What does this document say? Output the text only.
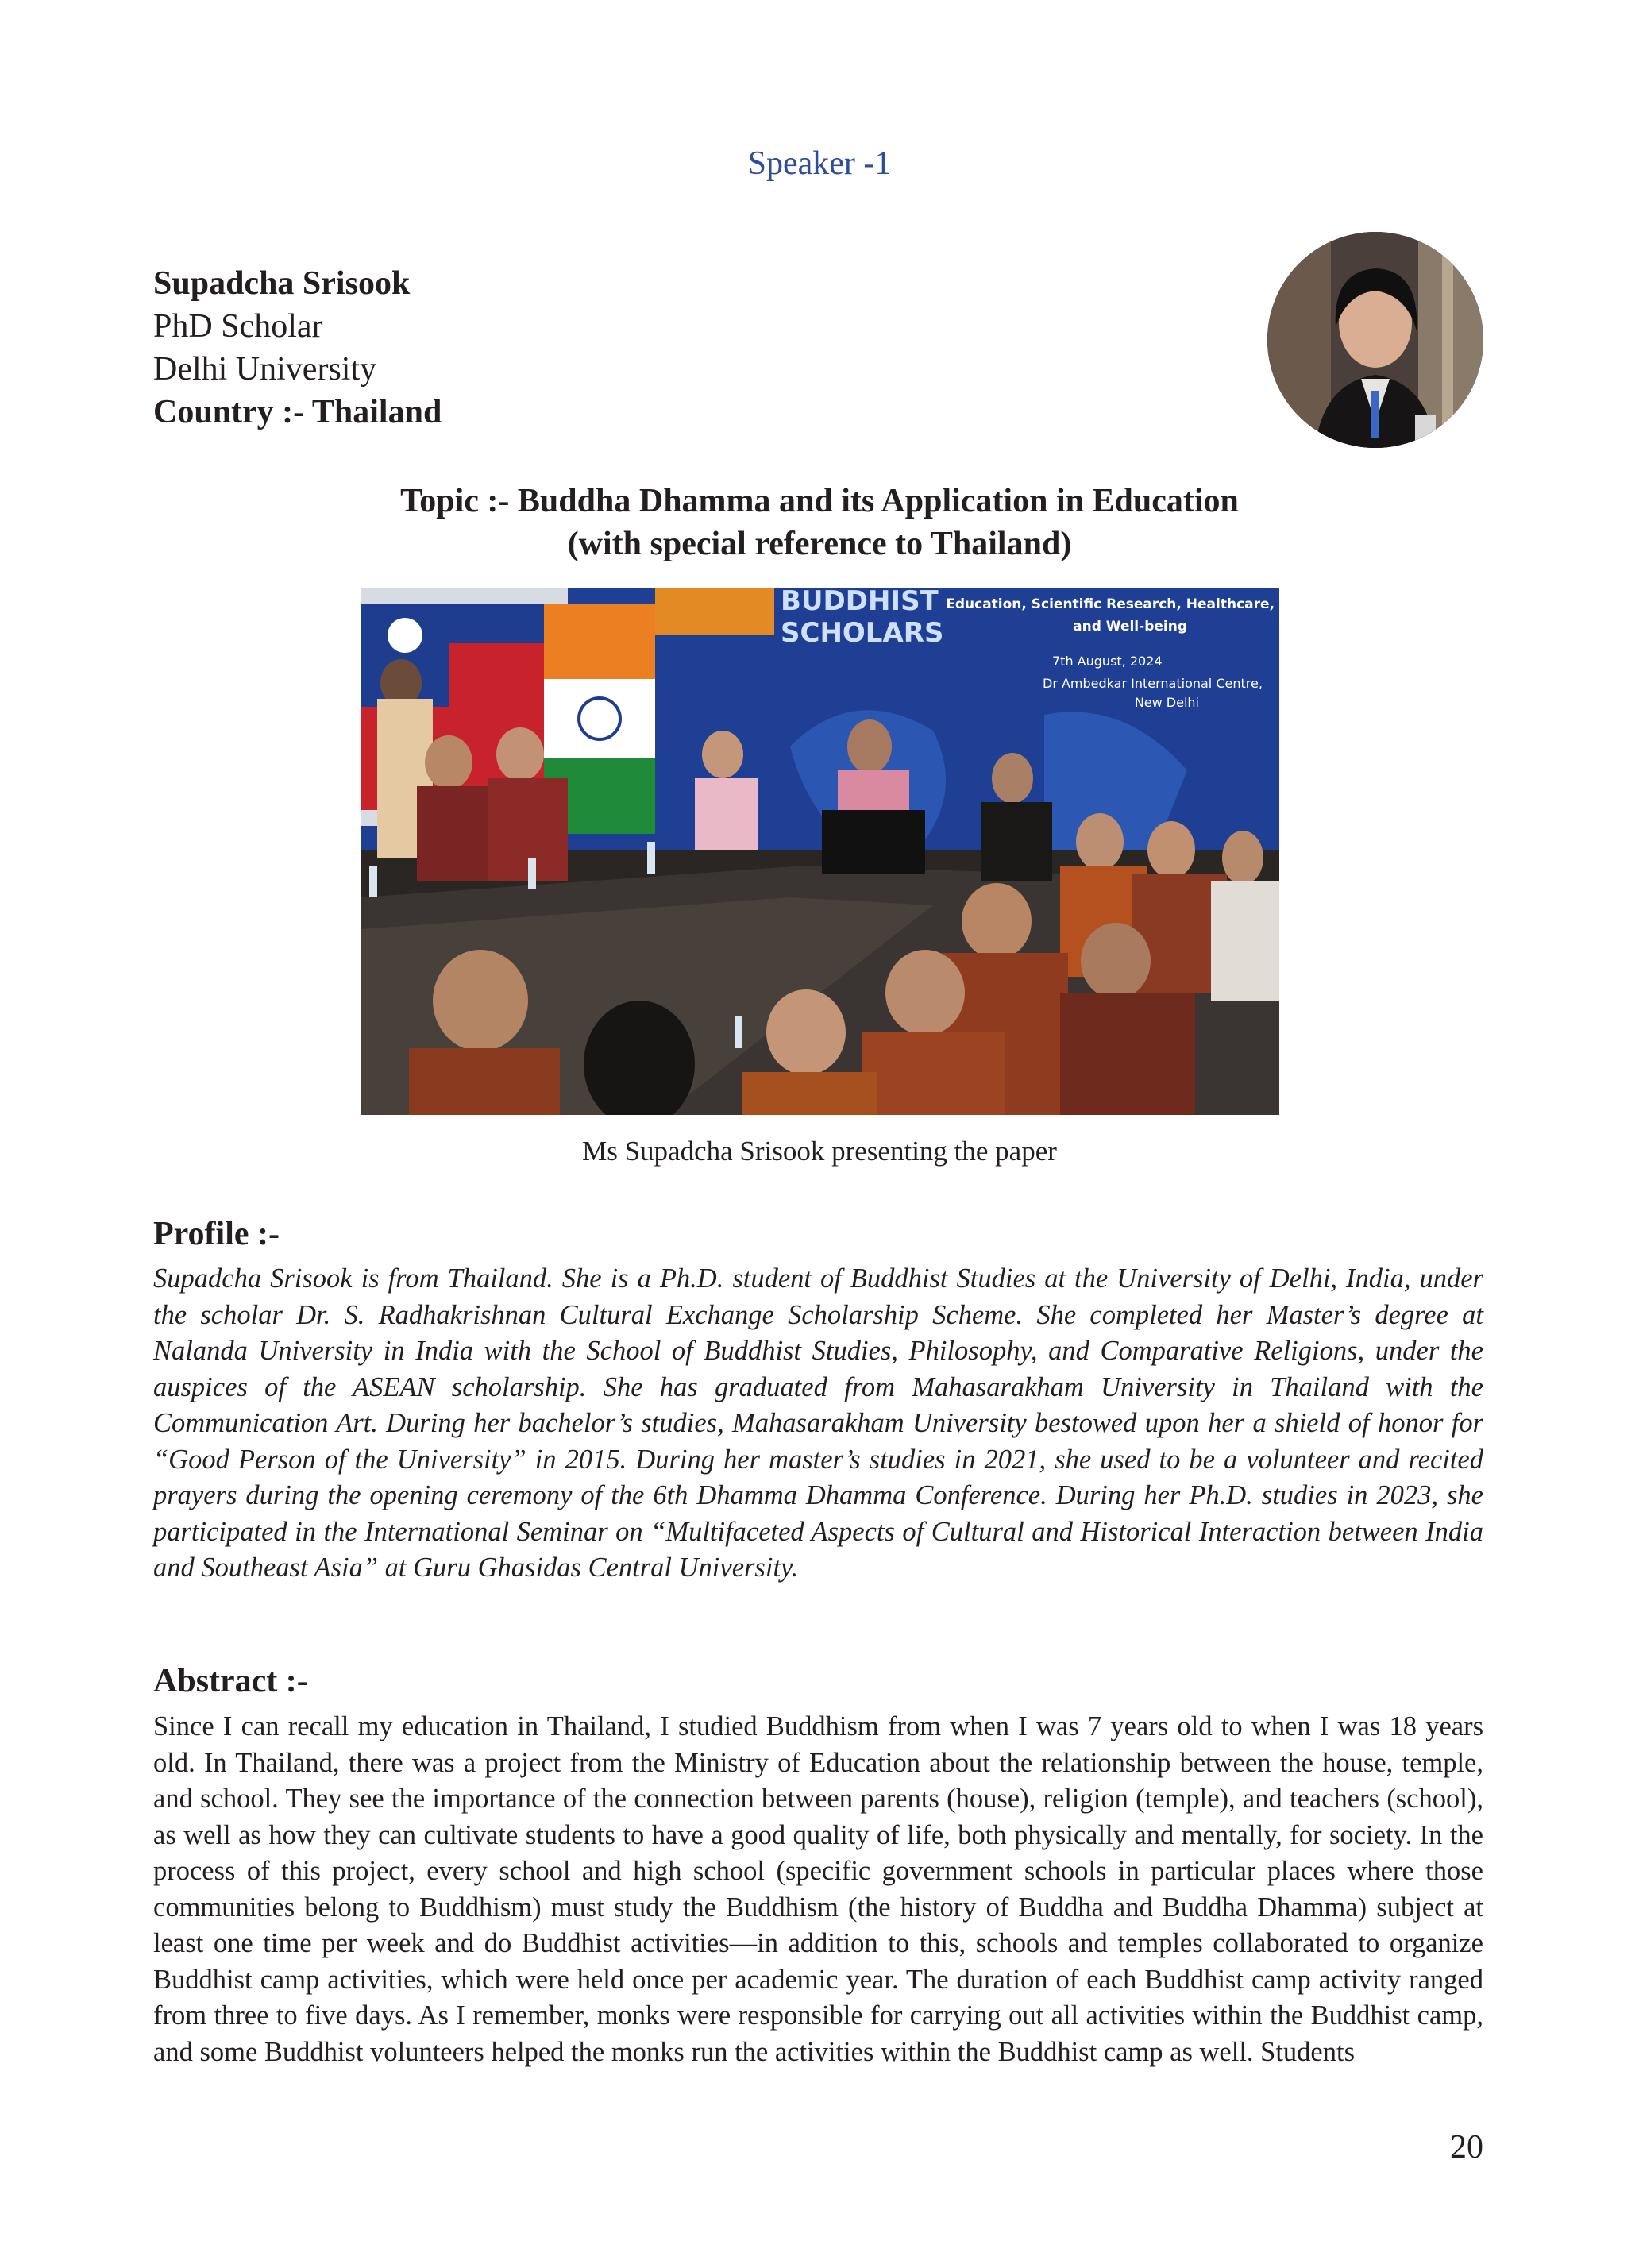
Speaker -1
Supadcha Srisook
PhD Scholar
Delhi University
Country :- Thailand
Topic :- Buddha Dhamma and its Application in Education
(with special reference to Thailand)
BUDDHIST
SCHOLARS
Education, Scientific Research, Healthcare,
and Well-being
7th August, 2024
Dr Ambedkar International Centre,
New Delhi
Ms Supadcha Srisook presenting the paper
Profile :-

Supadcha Srisook is from Thailand. She is a Ph.D. student of Buddhist Studies at the University of Delhi, India, under the scholar Dr. S. Radhakrishnan Cultural Exchange Scholarship Scheme. She completed her Master’s degree at Nalanda University in India with the School of Buddhist Studies, Philosophy, and Comparative Religions, under the auspices of the ASEAN scholarship. She has graduated from Mahasarakham University in Thailand with the Communication Art. During her bachelor’s studies, Mahasarakham University bestowed upon her a shield of honor for “Good Person of the University” in 2015. During her master’s studies in 2021, she used to be a volunteer and recited prayers during the opening ceremony of the 6th Dhamma Dhamma Conference. During her Ph.D. studies in 2023, she participated in the International Seminar on “Multifaceted Aspects of Cultural and Historical Interaction between India and Southeast Asia” at Guru Ghasidas Central University.

Abstract :-

Since I can recall my education in Thailand, I studied Buddhism from when I was 7 years old to when I was 18 years old. In Thailand, there was a project from the Ministry of Education about the relationship between the house, temple, and school. They see the importance of the connection between parents (house), religion (temple), and teachers (school), as well as how they can cultivate students to have a good quality of life, both physically and mentally, for society. In the process of this project, every school and high school (specific government schools in particular places where those communities belong to Buddhism) must study the Buddhism (the history of Buddha and Buddha Dhamma) subject at least one time per week and do Buddhist activities—in addition to this, schools and temples collaborated to organize Buddhist camp activities, which were held once per academic year. The duration of each Buddhist camp activity ranged from three to five days. As I remember, monks were responsible for carrying out all activities within the Buddhist camp, and some Buddhist volunteers helped the monks run the activities within the Buddhist camp as well. Students

20
